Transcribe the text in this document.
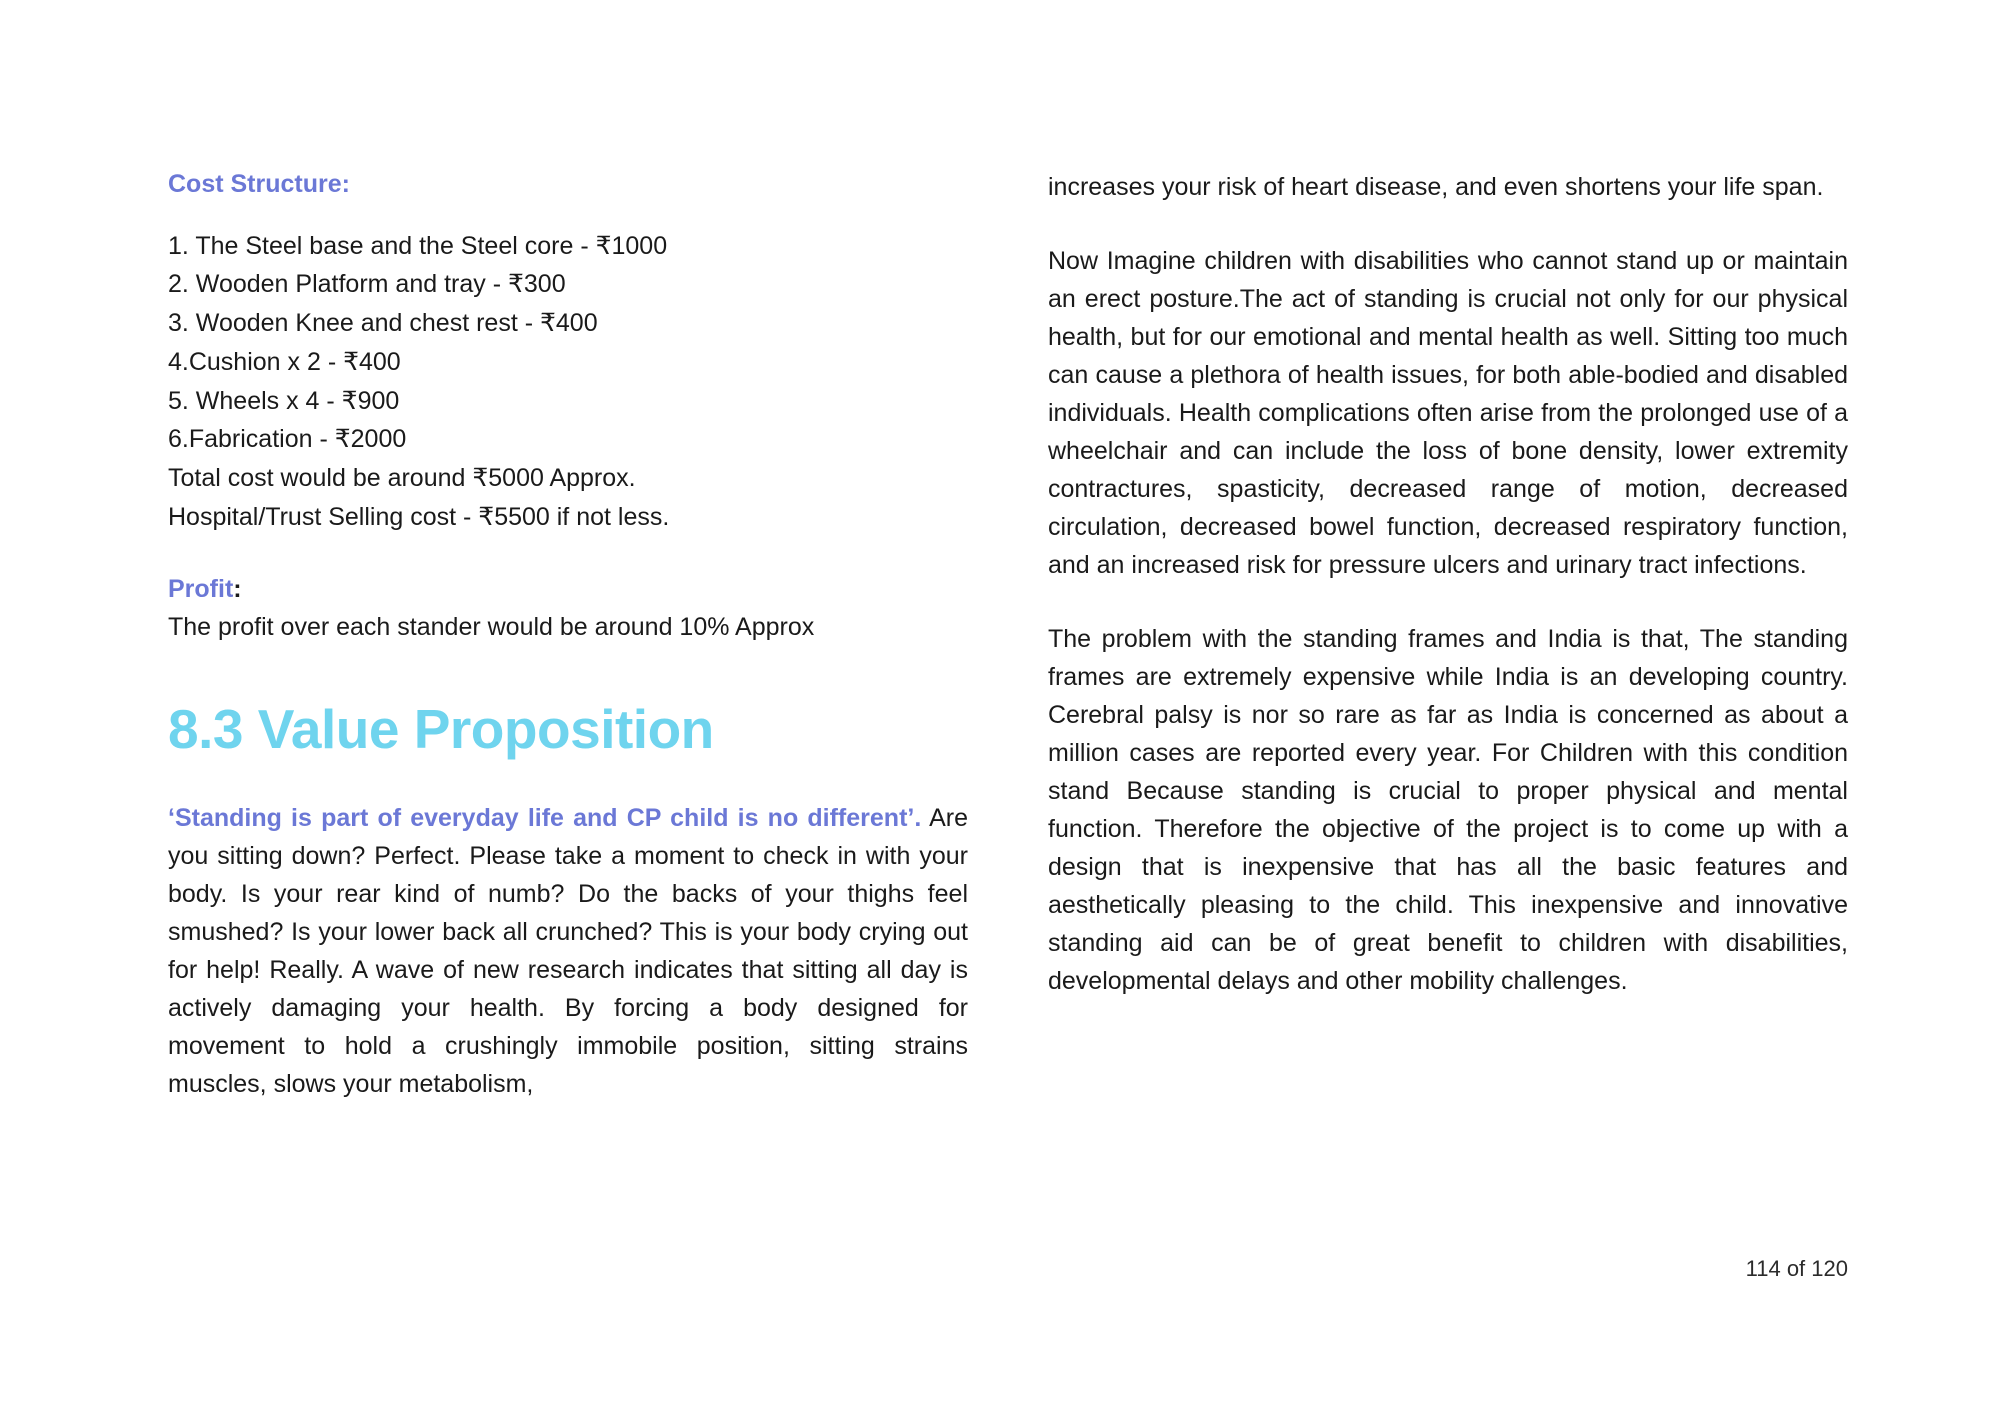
Cost Structure:
1. The Steel base and the Steel core - ₹1000
2. Wooden Platform and tray - ₹300
3. Wooden Knee and chest rest - ₹400
4.Cushion x 2 - ₹400
5. Wheels x 4 - ₹900
6.Fabrication - ₹2000

Total cost would be around ₹5000 Approx.

Hospital/Trust Selling cost - ₹5500 if not less.

Profit:

The profit over each stander would be around 10% Approx

8.3 Value Proposition

‘Standing is part of everyday life and CP child is no different’. Are you sitting down? Perfect. Please take a moment to check in with your body. Is your rear kind of numb? Do the backs of your thighs feel smushed? Is your lower back all crunched? This is your body crying out for help! Really. A wave of new research indicates that sitting all day is actively damaging your health. By forcing a body designed for movement to hold a crushingly immobile position, sitting strains muscles, slows your metabolism,

increases your risk of heart disease, and even shortens your life span.

Now Imagine children with disabilities who cannot stand up or maintain an erect posture.The act of standing is crucial not only for our physical health, but for our emotional and mental health as well. Sitting too much can cause a plethora of health issues, for both able-bodied and disabled individuals. Health complications often arise from the prolonged use of a wheelchair and can include the loss of bone density, lower extremity contractures, spasticity, decreased range of motion, decreased circulation, decreased bowel function, decreased respiratory function, and an increased risk for pressure ulcers and urinary tract infections.

The problem with the standing frames and India is that, The standing frames are extremely expensive while India is an developing country. Cerebral palsy is nor so rare as far as India is concerned as about a million cases are reported every year. For Children with this condition stand Because standing is crucial to proper physical and mental function. Therefore the objective of the project is to come up with a design that is inexpensive that has all the basic features and aesthetically pleasing to the child. This inexpensive and innovative standing aid can be of great benefit to children with disabilities, developmental delays and other mobility challenges.

114 of 120
